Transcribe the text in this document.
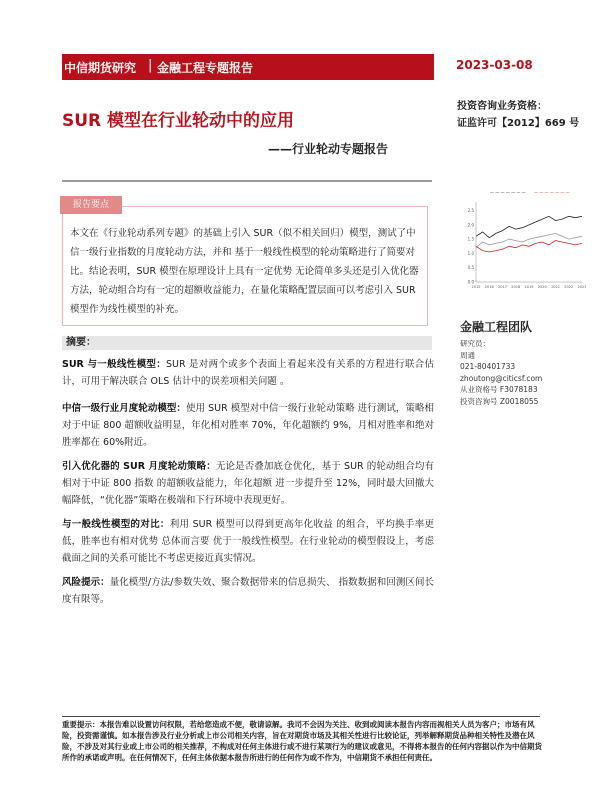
中信期货研究 | 金融工程专题报告	2023-03-08
SUR 模型在行业轮动中的应用
——行业轮动专题报告
投资咨询业务资格：
证监许可【2012】669 号
— — — — — — — — — — — — — —
2.5
2.0
1.5
1.0
0.5
0.0
2015 2016 2017 2018 2019 2020 2021 2022 2023
金融工程团队
研究员：
周通
021-80401733
zhoutong@citicsf.com
从业资格号 F3078183
投资咨询号 Z0018055
报告要点
本文在《行业轮动系列专题》的基础上引入 SUR（似不相关回归）模型，测试了中信一级行业指数的月度轮动方法，并和 基于一般线性模型的轮动策略进行了简要对比。结论表明，SUR 模型在原理设计上具有一定优势 无论简单多头还是引入优化器方法，轮动组合均有一定的超额收益能力，在量化策略配置层面可以考虑引入 SUR 模型作为线性模型的补充。
摘要：
SUR 与一般线性模型：SUR 是对两个或多个表面上看起来没有关系的方程进行联合估计，可用于解决联合 OLS 估计中的误差项相关问题 。
中信一级行业月度轮动模型：使用 SUR 模型对中信一级行业轮动策略 进行测试，策略相对于中证 800 超额收益明显，年化相对胜率 70%，年化超额约 9%，月相对胜率和绝对胜率都在 60%附近。
引入优化器的 SUR 月度轮动策略：无论是否叠加底仓优化，基于 SUR 的轮动组合均有相对于中证 800 指数 的超额收益能力，年化超额 进一步提升至 12%，同时最大回撤大幅降低，“优化器”策略在极端和下行环境中表现更好。
与一般线性模型的对比：利用 SUR 模型可以得到更高年化收益 的组合，平均换手率更低，胜率也有相对优势 总体而言要 优于一般线性模型。在行业轮动的模型假设上，考虑截面之间的关系可能比不考虑更接近真实情况。
风险提示：量化模型/方法/参数失效、聚合数据带来的信息损失、 指数数据和回测区间长度有限等。
重要提示：本报告难以设置访问权限，若给您造成不便，敬请谅解。我司不会因为关注、收到或阅读本报告内容而视相关人员为客户；市场有风险，投资需谨慎。如本报告涉及行业分析或上市公司相关内容，旨在对期货市场及其相关性进行比较论证，列举解释期货品种相关特性及潜在风险，不涉及对其行业或上市公司的相关推荐，不构成对任何主体进行或不进行某项行为的建议或意见，不得将本报告的任何内容据以作为中信期货所作的承诺或声明。在任何情况下，任何主体依据本报告所进行的任何作为或不作为，中信期货不承担任何责任。
